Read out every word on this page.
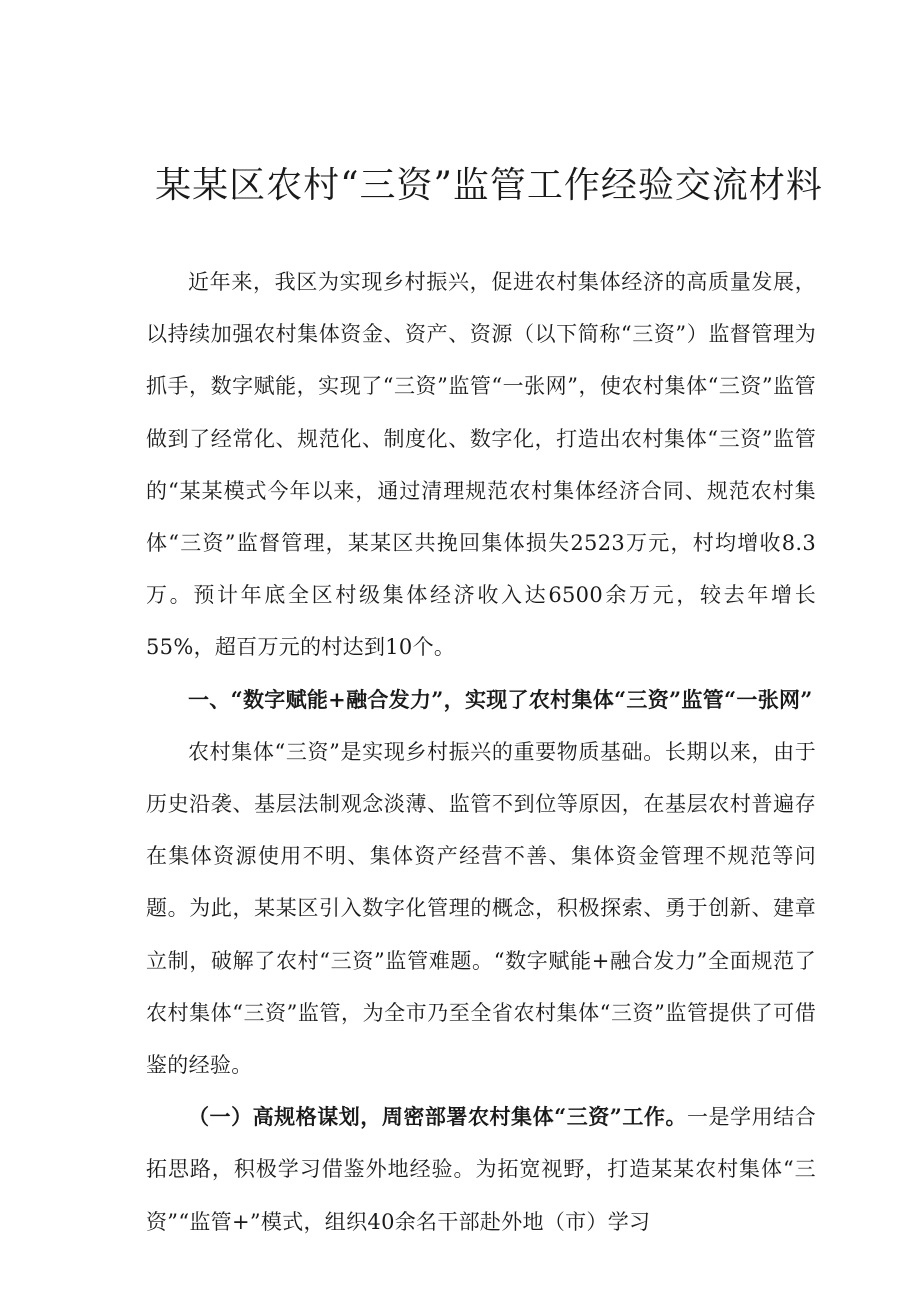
某某区农村“三资”监管工作经验交流材料

近年来，我区为实现乡村振兴，促进农村集体经济的高质量发展，以持续加强农村集体资金、资产、资源（以下简称“三资”）监督管理为抓手，数字赋能，实现了“三资”监管“一张网”，使农村集体“三资”监管做到了经常化、规范化、制度化、数字化，打造出农村集体“三资”监管的“某某模式今年以来，通过清理规范农村集体经济合同、规范农村集体“三资”监督管理，某某区共挽回集体损失2523万元，村均增收8.3万。预计年底全区村级集体经济收入达6500余万元，较去年增长55%，超百万元的村达到10个。

一、“数字赋能+融合发力”，实现了农村集体“三资”监管“一张网”

农村集体“三资”是实现乡村振兴的重要物质基础。长期以来，由于历史沿袭、基层法制观念淡薄、监管不到位等原因，在基层农村普遍存在集体资源使用不明、集体资产经营不善、集体资金管理不规范等问题。为此，某某区引入数字化管理的概念，积极探索、勇于创新、建章立制，破解了农村“三资”监管难题。“数字赋能+融合发力”全面规范了农村集体“三资”监管，为全市乃至全省农村集体“三资”监管提供了可借鉴的经验。

（一）高规格谋划，周密部署农村集体“三资”工作。一是学用结合拓思路，积极学习借鉴外地经验。为拓宽视野，打造某某农村集体“三资”“监管+”模式，组织40余名干部赴外地（市）学习
